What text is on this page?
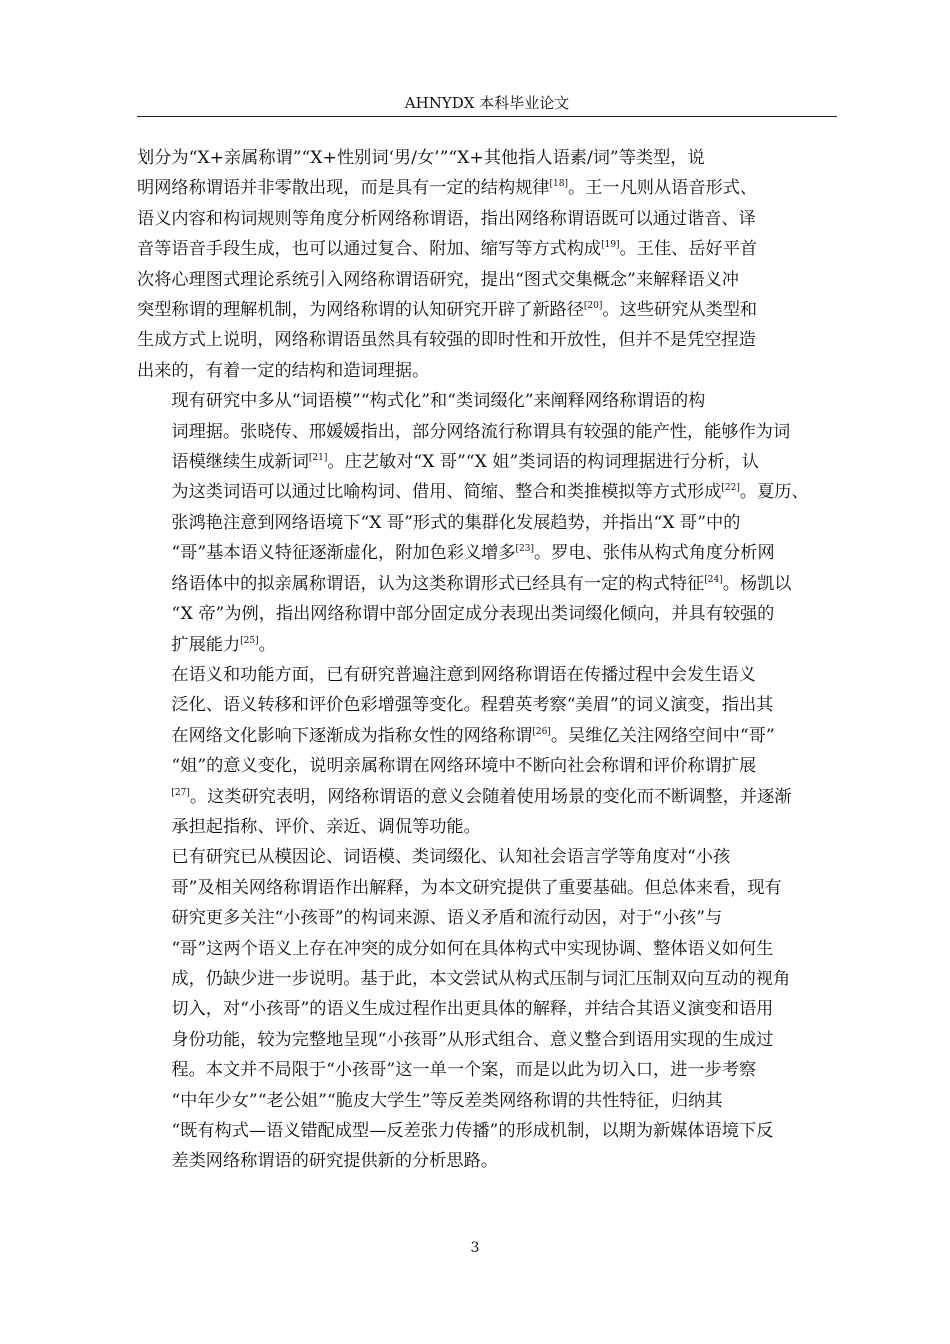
AHNYDX 本科毕业论文
划分为“X+亲属称谓”“X+性别词‘男/女’”“X+其他指人语素/词”等类型，说
明网络称谓语并非零散出现，而是具有一定的结构规律[18]。王一凡则从语音形式、
语义内容和构词规则等角度分析网络称谓语，指出网络称谓语既可以通过谐音、译
音等语音手段生成，也可以通过复合、附加、缩写等方式构成[19]。王佳、岳好平首
次将心理图式理论系统引入网络称谓语研究，提出“图式交集概念”来解释语义冲
突型称谓的理解机制，为网络称谓的认知研究开辟了新路径[20]。这些研究从类型和
生成方式上说明，网络称谓语虽然具有较强的即时性和开放性，但并不是凭空捏造
出来的，有着一定的结构和造词理据。
现有研究中多从“词语模”“构式化”和“类词缀化”来阐释网络称谓语的构
词理据。张晓传、邢媛媛指出，部分网络流行称谓具有较强的能产性，能够作为词
语模继续生成新词[21]。庄艺敏对“X 哥”“X 姐”类词语的构词理据进行分析，认
为这类词语可以通过比喻构词、借用、简缩、整合和类推模拟等方式形成[22]。夏历、
张鸿艳注意到网络语境下“X 哥”形式的集群化发展趋势，并指出“X 哥”中的
“哥”基本语义特征逐渐虚化，附加色彩义增多[23]。罗电、张伟从构式角度分析网
络语体中的拟亲属称谓语，认为这类称谓形式已经具有一定的构式特征[24]。杨凯以
“X 帝”为例，指出网络称谓中部分固定成分表现出类词缀化倾向，并具有较强的
扩展能力[25]。
在语义和功能方面，已有研究普遍注意到网络称谓语在传播过程中会发生语义
泛化、语义转移和评价色彩增强等变化。程碧英考察“美眉”的词义演变，指出其
在网络文化影响下逐渐成为指称女性的网络称谓[26]。吴维亿关注网络空间中“哥”
“姐”的意义变化，说明亲属称谓在网络环境中不断向社会称谓和评价称谓扩展
[27]。这类研究表明，网络称谓语的意义会随着使用场景的变化而不断调整，并逐渐
承担起指称、评价、亲近、调侃等功能。
已有研究已从模因论、词语模、类词缀化、认知社会语言学等角度对“小孩
哥”及相关网络称谓语作出解释，为本文研究提供了重要基础。但总体来看，现有
研究更多关注“小孩哥”的构词来源、语义矛盾和流行动因，对于“小孩”与
“哥”这两个语义上存在冲突的成分如何在具体构式中实现协调、整体语义如何生
成，仍缺少进一步说明。基于此，本文尝试从构式压制与词汇压制双向互动的视角
切入，对“小孩哥”的语义生成过程作出更具体的解释，并结合其语义演变和语用
身份功能，较为完整地呈现“小孩哥”从形式组合、意义整合到语用实现的生成过
程。本文并不局限于“小孩哥”这一单一个案，而是以此为切入口，进一步考察
“中年少女”“老公姐”“脆皮大学生”等反差类网络称谓的共性特征，归纳其
“既有构式—语义错配成型—反差张力传播”的形成机制，以期为新媒体语境下反
差类网络称谓语的研究提供新的分析思路。
3
